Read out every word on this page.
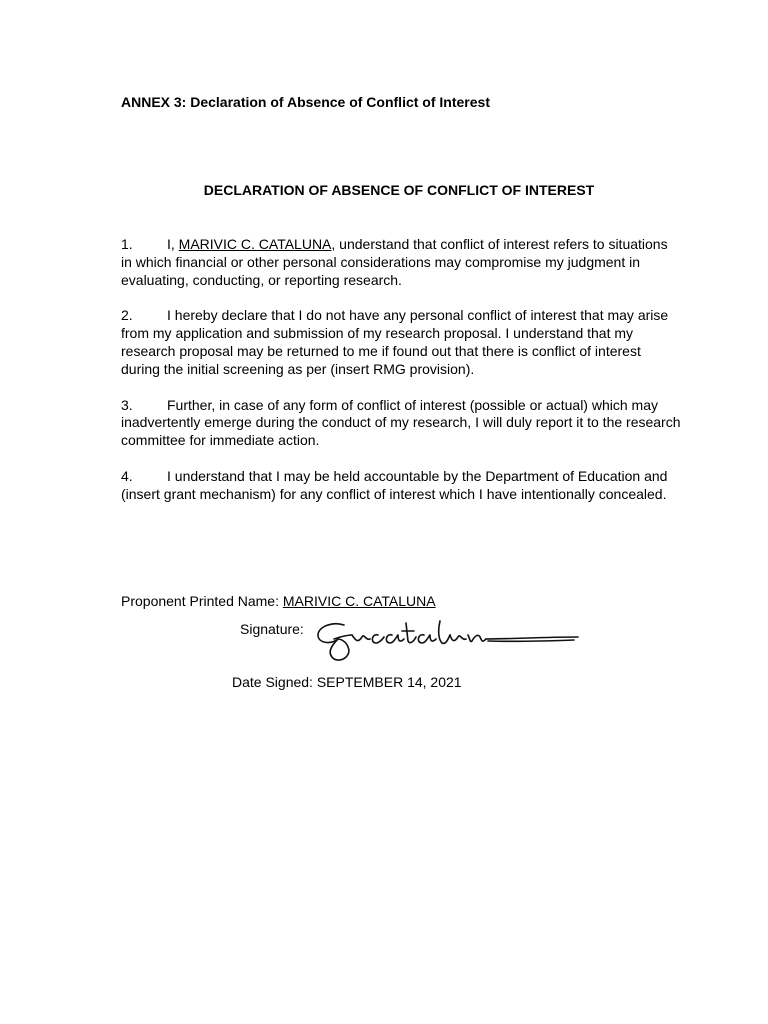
ANNEX 3: Declaration of Absence of Conflict of Interest

DECLARATION OF ABSENCE OF CONFLICT OF INTEREST

1. I, MARIVIC C. CATALUNA, understand that conflict of interest refers to situations in which financial or other personal considerations may compromise my judgment in evaluating, conducting, or reporting research.

2. I hereby declare that I do not have any personal conflict of interest that may arise from my application and submission of my research proposal. I understand that my research proposal may be returned to me if found out that there is conflict of interest during the initial screening as per (insert RMG provision).

3. Further, in case of any form of conflict of interest (possible or actual) which may inadvertently emerge during the conduct of my research, I will duly report it to the research committee for immediate action.

4. I understand that I may be held accountable by the Department of Education and (insert grant mechanism) for any conflict of interest which I have intentionally concealed.

Proponent Printed Name: MARIVIC C. CATALUNA
Signature:
Date Signed: SEPTEMBER 14, 2021
